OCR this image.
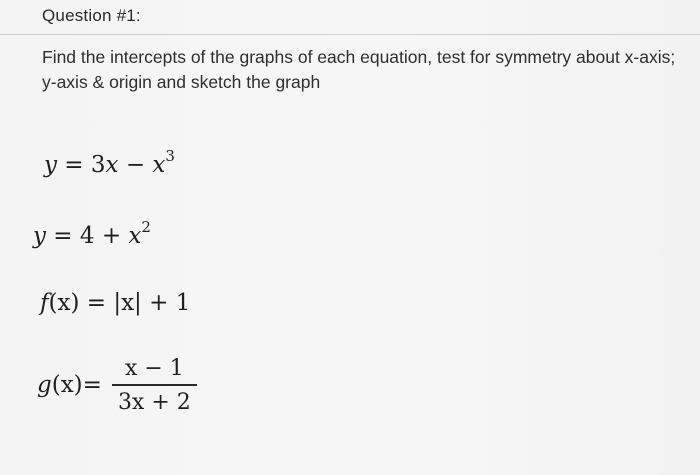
Question #1:
Find the intercepts of the graphs of each equation, test for symmetry about x-axis; y-axis & origin and sketch the graph
$y = 3x - x^3$
$y = 4 + x^2$
f(x) = |x| + 1
g $(x) = \frac{x - 1}{3x + 2}$
